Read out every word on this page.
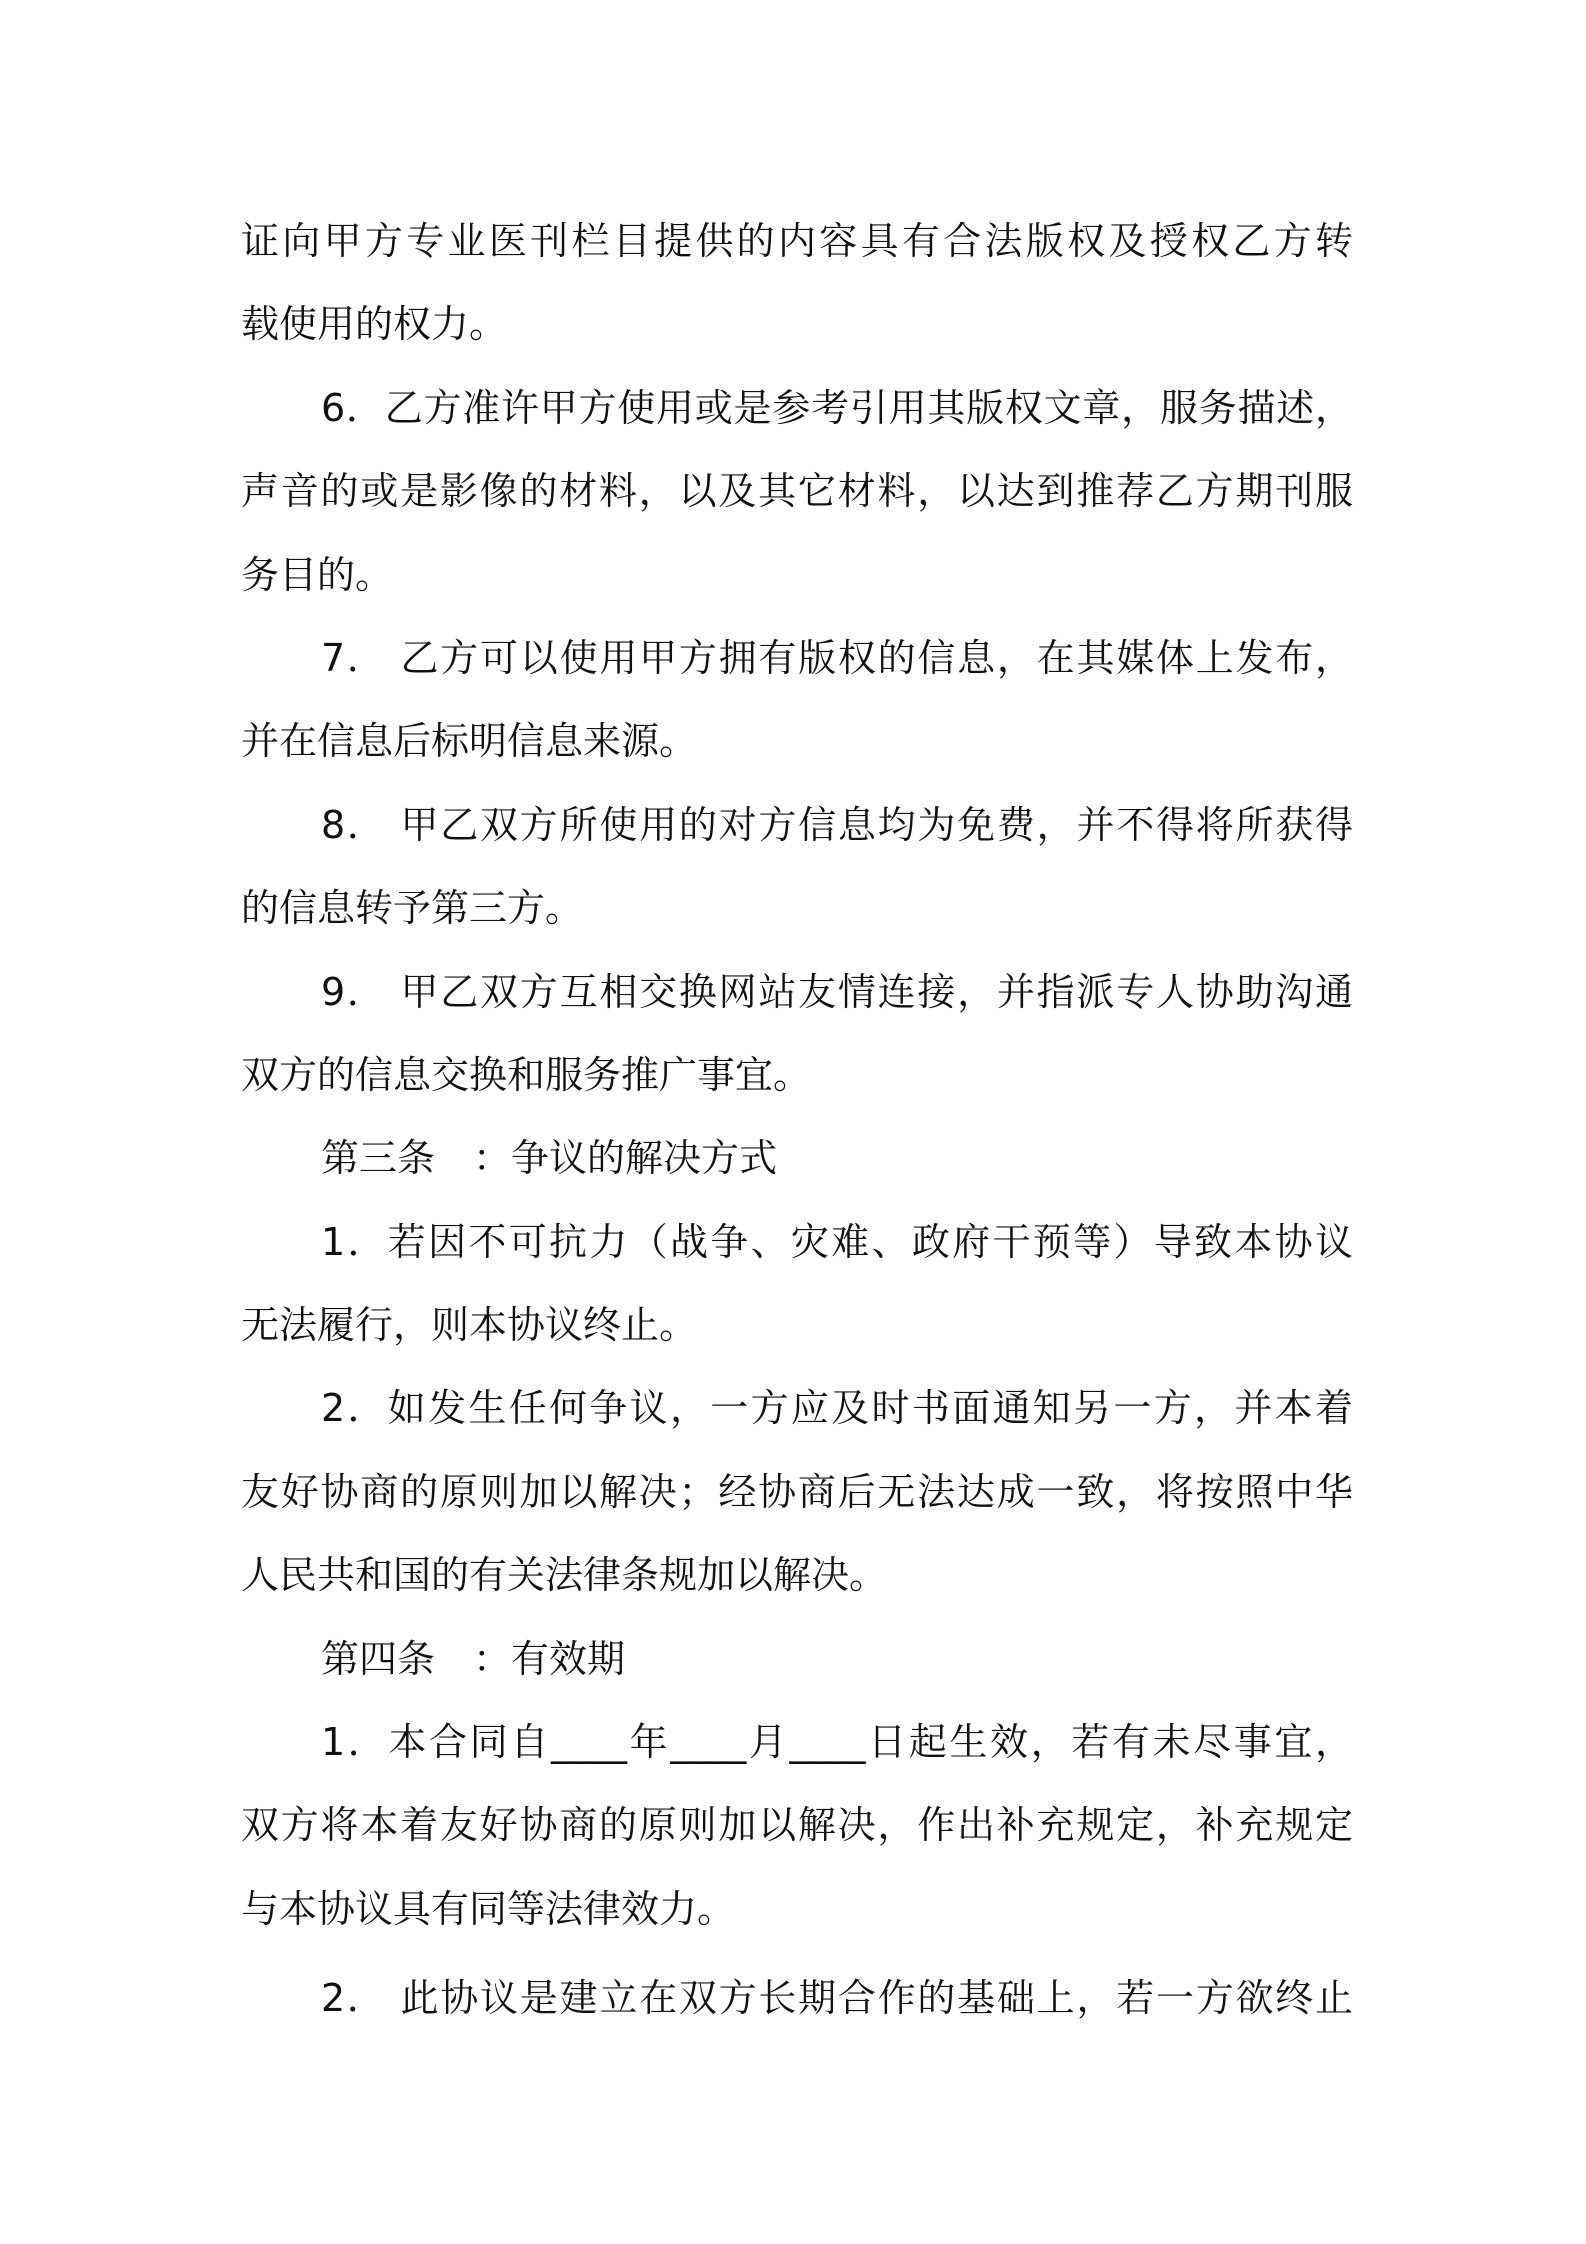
证向甲方专业医刊栏目提供的内容具有合法版权及授权乙方转
载使用的权力。
6．乙方准许甲方使用或是参考引用其版权文章，服务描述，
声音的或是影像的材料，以及其它材料，以达到推荐乙方期刊服
务目的。
7． 乙方可以使用甲方拥有版权的信息，在其媒体上发布，
并在信息后标明信息来源。
8． 甲乙双方所使用的对方信息均为免费，并不得将所获得
的信息转予第三方。
9． 甲乙双方互相交换网站友情连接，并指派专人协助沟通
双方的信息交换和服务推广事宜。
第三条　：争议的解决方式
1．若因不可抗力（战争、灾难、政府干预等）导致本协议
无法履行，则本协议终止。
2．如发生任何争议，一方应及时书面通知另一方，并本着
友好协商的原则加以解决；经协商后无法达成一致，将按照中华
人民共和国的有关法律条规加以解决。
第四条　：有效期
1．本合同自____年____月____日起生效，若有未尽事宜，
双方将本着友好协商的原则加以解决，作出补充规定，补充规定
与本协议具有同等法律效力。
2． 此协议是建立在双方长期合作的基础上，若一方欲终止
